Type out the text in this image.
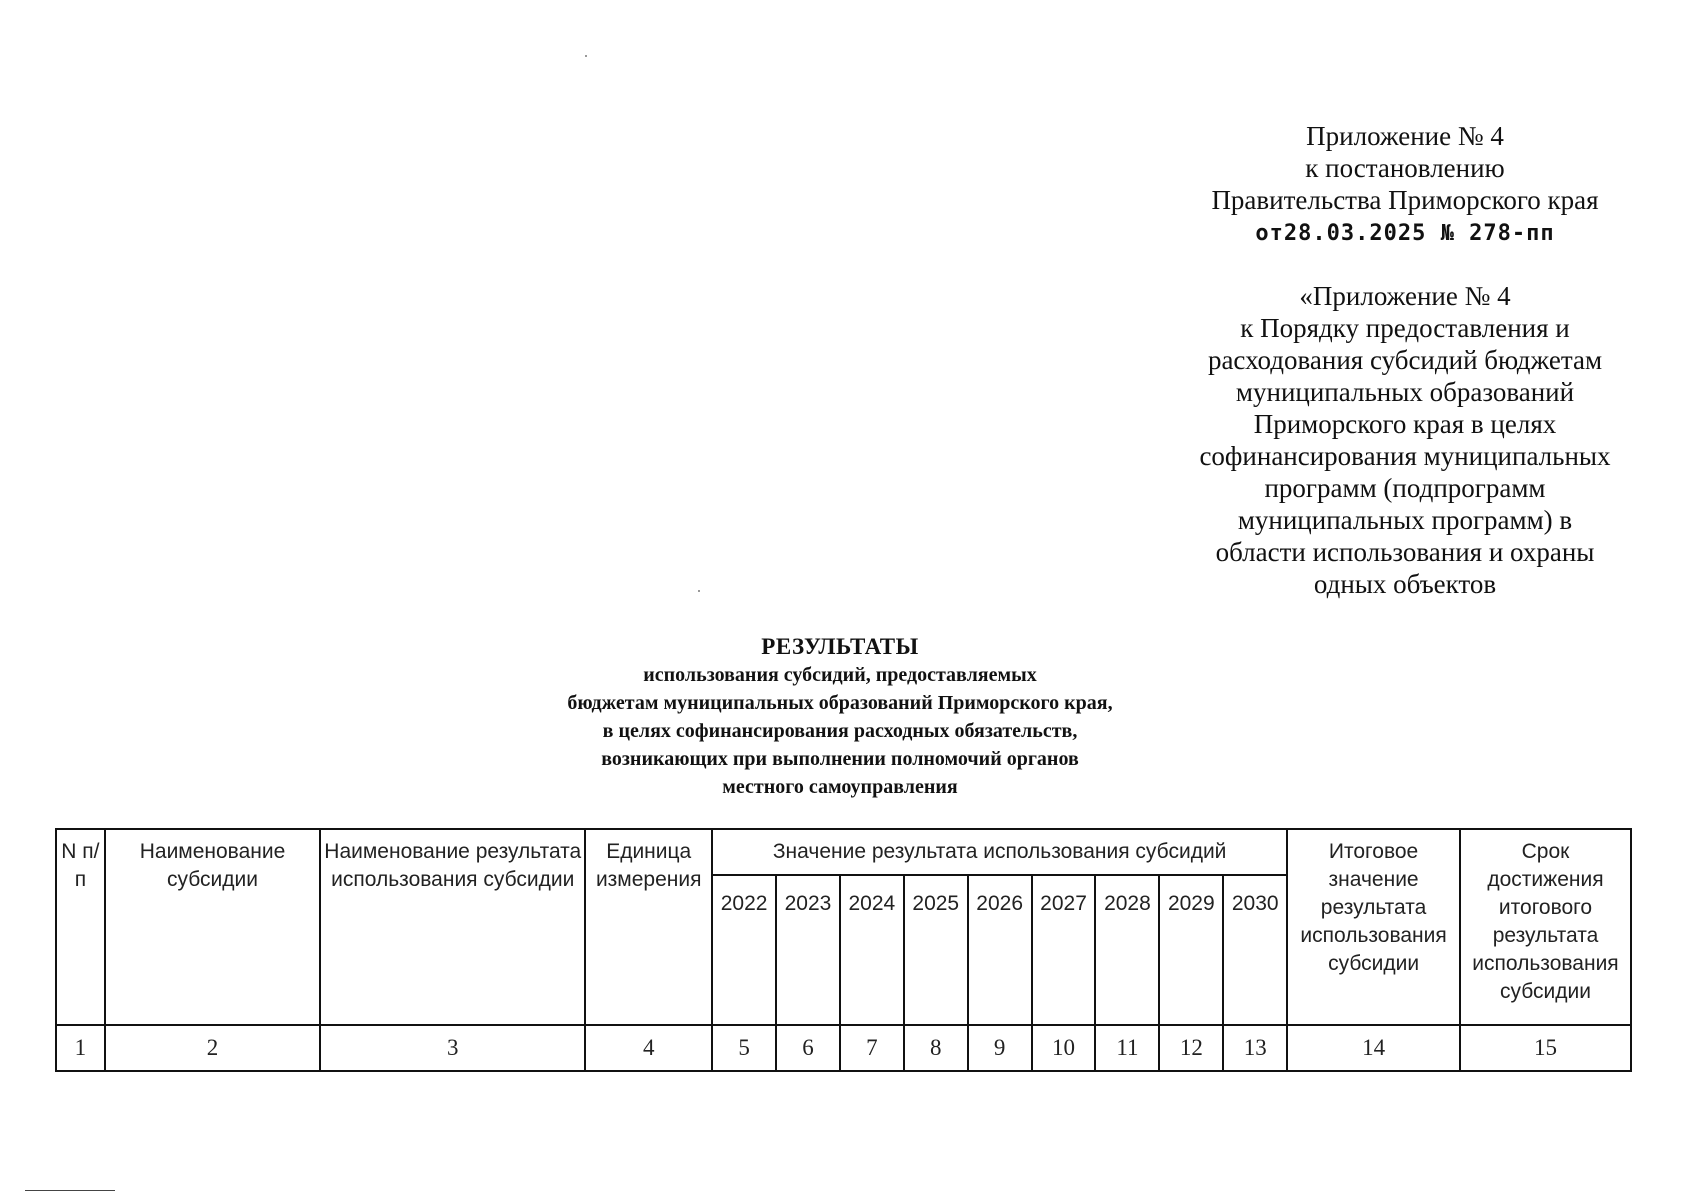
Приложение № 4
к постановлению
Правительства Приморского края
от28.03.2025 № 278-пп
«Приложение № 4
к Порядку предоставления и
расходования субсидий бюджетам
муниципальных образований
Приморского края в целях
софинансирования муниципальных
программ (подпрограмм
муниципальных программ) в
области использования и охраны
одных объектов
РЕЗУЛЬТАТЫ
использования субсидий, предоставляемых
бюджетам муниципальных образований Приморского края,
в целях софинансирования расходных обязательств,
возникающих при выполнении полномочий органов
местного самоуправления
N п/п	Наименование субсидии	Наименование результата использования субсидии	Единица измерения	Значение результата использования субсидий									Итоговое значение результата использования субсидии	Срок достижения итогового результата использования субсидии
				2022	2023	2024	2025	2026	2027	2028	2029	2030		
1	2	3	4	5	6	7	8	9	10	11	12	13	14	15
